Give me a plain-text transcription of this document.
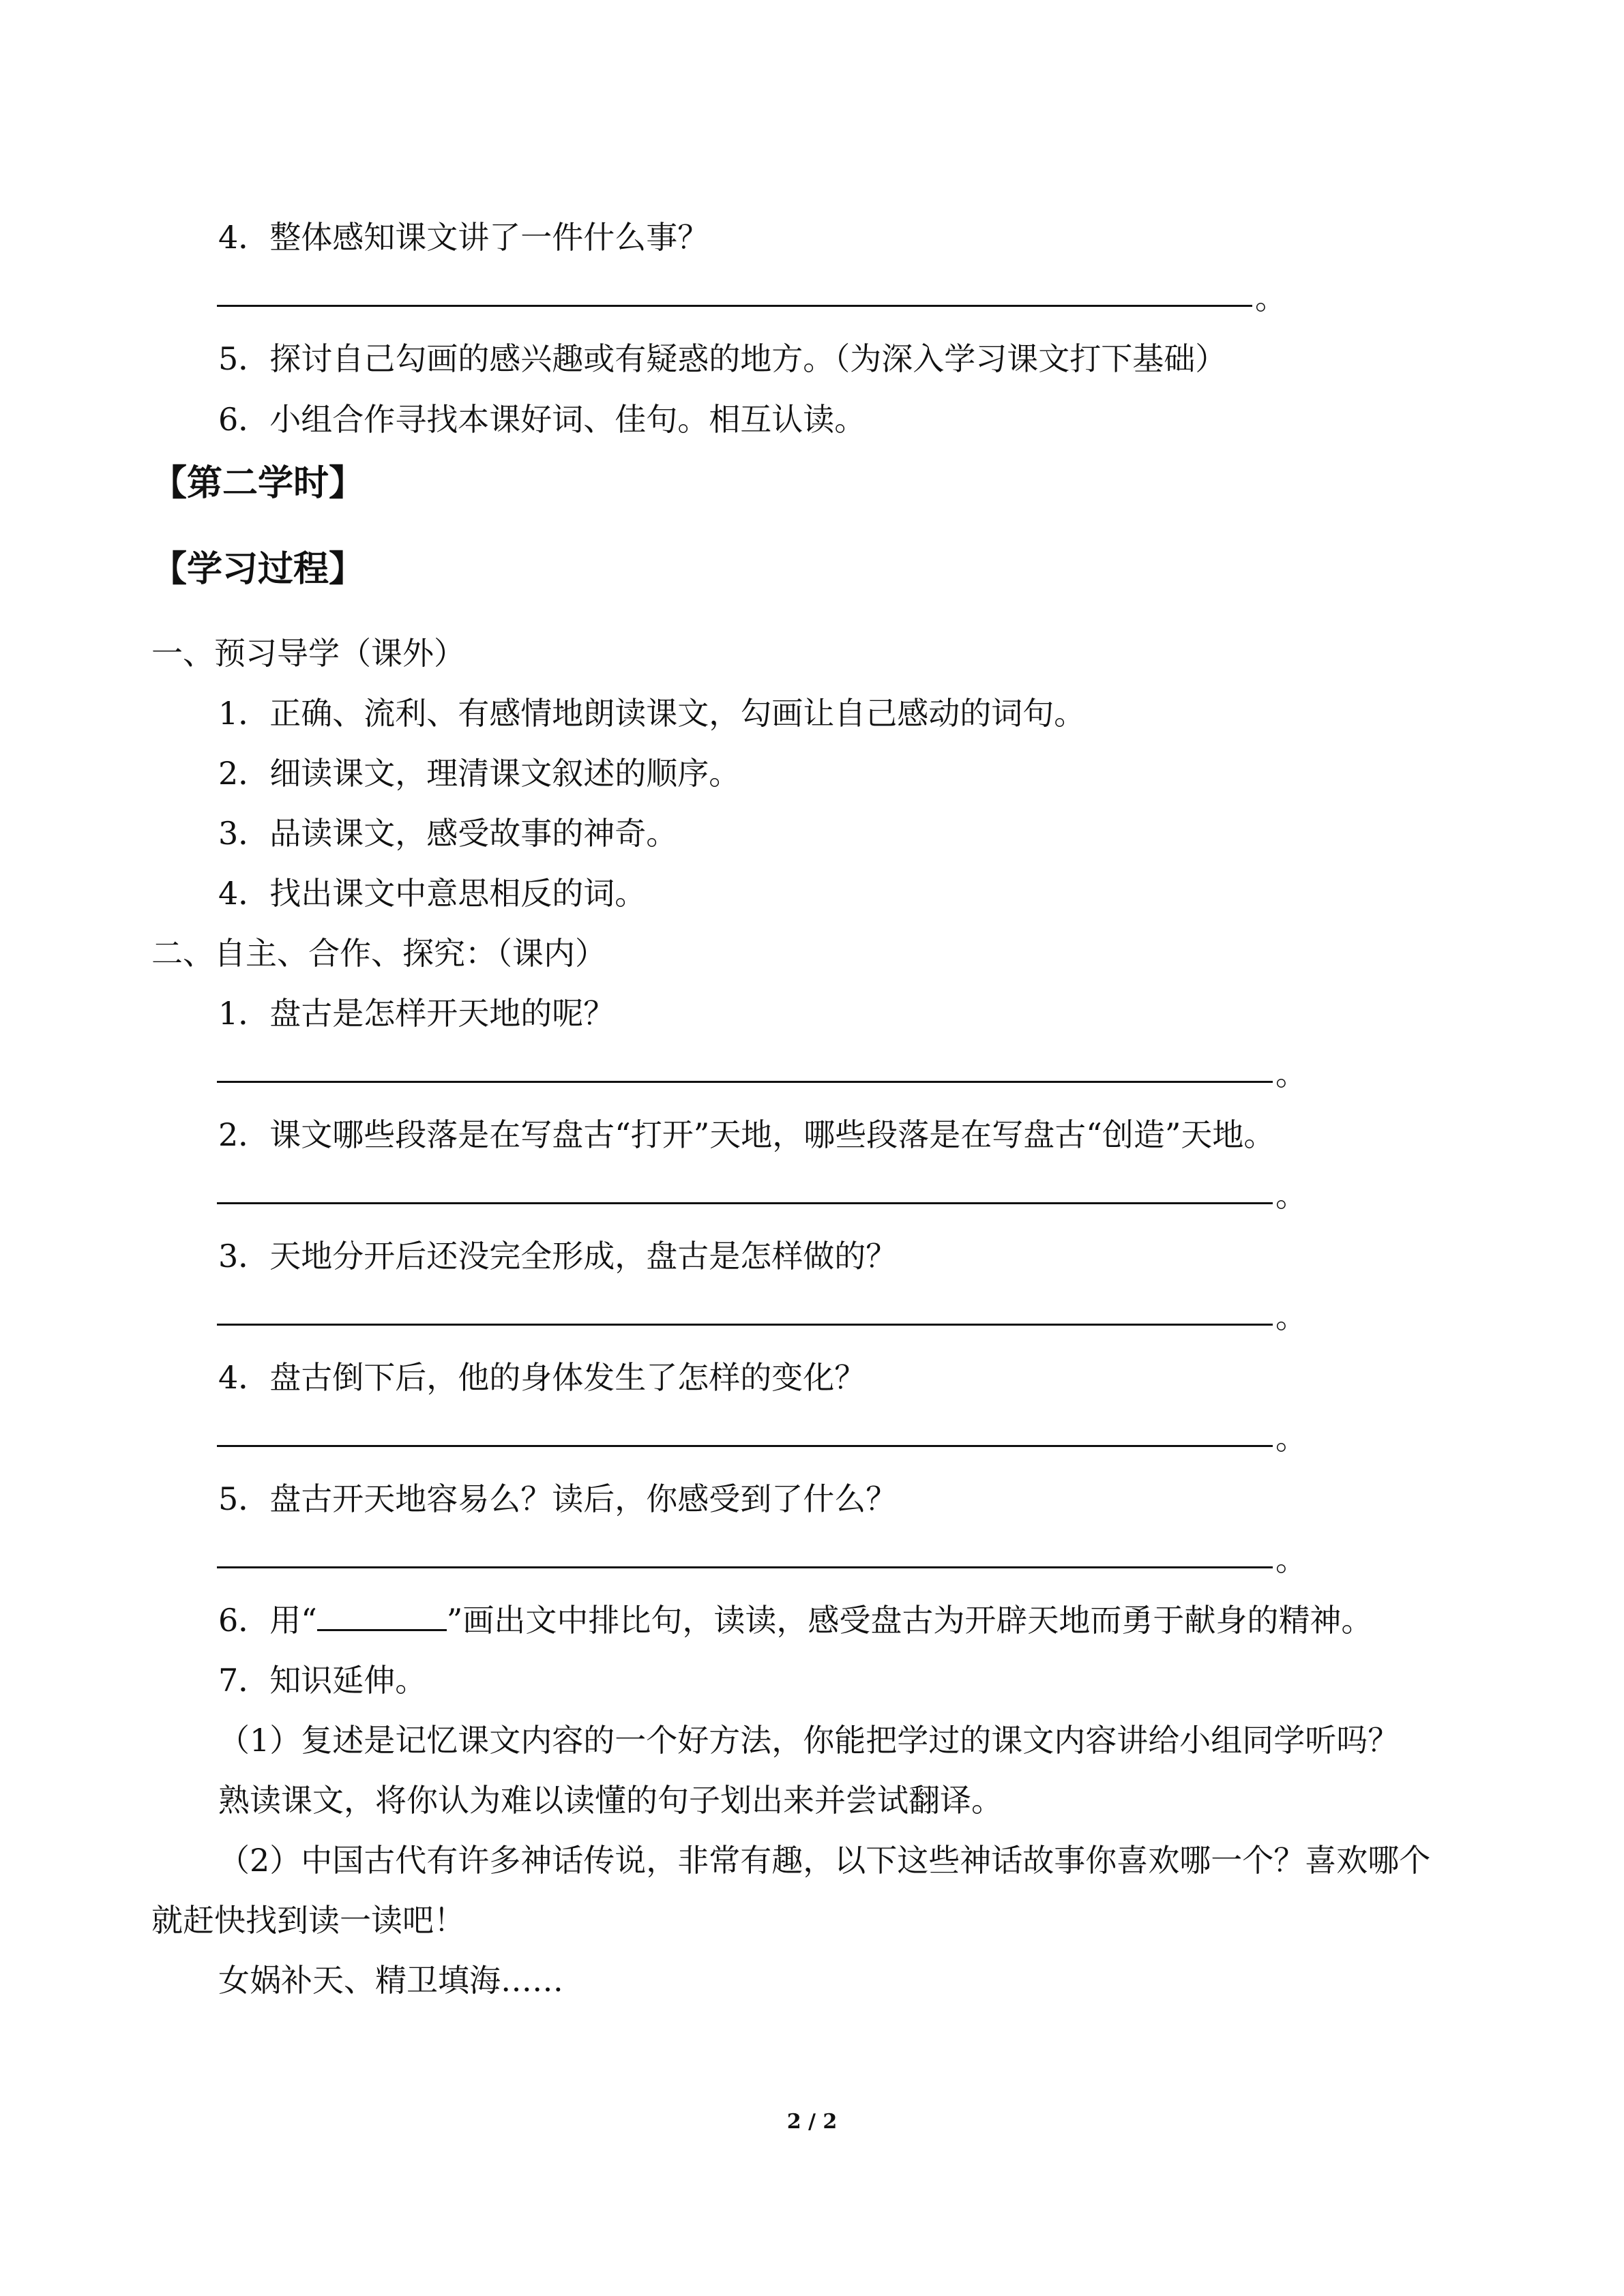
4．整体感知课文讲了一件什么事？
。
5．探讨自己勾画的感兴趣或有疑惑的地方。（为深入学习课文打下基础）
6．小组合作寻找本课好词、佳句。相互认读。
【第二学时】
【学习过程】
一、预习导学（课外）
1．正确、流利、有感情地朗读课文，勾画让自己感动的词句。
2．细读课文，理清课文叙述的顺序。
3．品读课文，感受故事的神奇。
4．找出课文中意思相反的词。
二、自主、合作、探究：（课内）
1．盘古是怎样开天地的呢？
。
2．课文哪些段落是在写盘古“打开”天地，哪些段落是在写盘古“创造”天地。
。
3．天地分开后还没完全形成，盘古是怎样做的？
。
4．盘古倒下后，他的身体发生了怎样的变化？
。
5．盘古开天地容易么？读后，你感受到了什么？
。
6．用“	”画出文中排比句，读读，感受盘古为开辟天地而勇于献身的精神。
7．知识延伸。
（1）复述是记忆课文内容的一个好方法，你能把学过的课文内容讲给小组同学听吗？
熟读课文，将你认为难以读懂的句子划出来并尝试翻译。
（2）中国古代有许多神话传说，非常有趣，以下这些神话故事你喜欢哪一个？喜欢哪个
就赶快找到读一读吧！
女娲补天、精卫填海……
2 / 2
